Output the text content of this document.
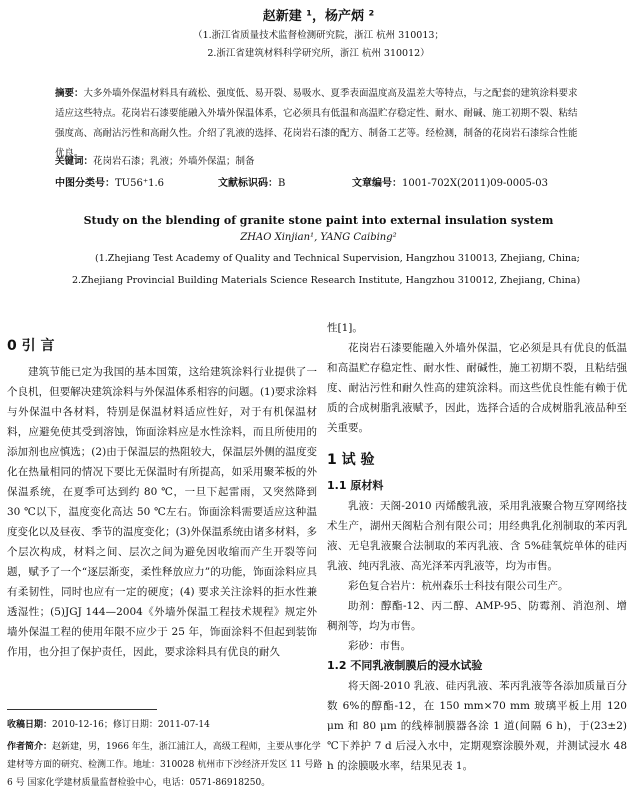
赵新建 ¹，杨产炳 ²
（1.浙江省质量技术监督检测研究院，浙江 杭州 310013；
2.浙江省建筑材料科学研究所，浙江 杭州 310012）
摘要：大多外墙外保温材料具有疏松、强度低、易开裂、易吸水、夏季表面温度高及温差大等特点，与之配套的建筑涂料要求适应这些特点。花岗岩石漆要能融入外墙外保温体系，它必须具有低温和高温贮存稳定性、耐水、耐碱、施工初期不裂、粘结强度高、高耐沾污性和高耐久性。介绍了乳液的选择、花岗岩石漆的配方、制备工艺等。经检测，制备的花岗岩石漆综合性能优良。
关键词：花岗岩石漆；乳液；外墙外保温；制备
中图分类号：TU56⁺1.6	文献标识码：B	文章编号：1001-702X(2011)09-0005-03
Study on the blending of granite stone paint into external insulation system
ZHAO Xinjian¹, YANG Caibing²
(1.Zhejiang Test Academy of Quality and Technical Supervision, Hangzhou 310013, Zhejiang, China;
2.Zhejiang Provincial Building Materials Science Research Institute, Hangzhou 310012, Zhejiang, China)

0 引 言

建筑节能已定为我国的基本国策，这给建筑涂料行业提供了一个良机，但要解决建筑涂料与外保温体系相容的问题。(1)要求涂料与外保温中各材料，特别是保温材料适应性好，对于有机保温材料，应避免使其受到溶蚀，饰面涂料应是水性涂料，而且所使用的添加剂也应慎选；(2)由于保温层的热阻较大，保温层外侧的温度变化在热量相同的情况下要比无保温时有所提高，如采用聚苯板的外保温系统，在夏季可达到约 80 ℃，一旦下起雷雨，又突然降到 30 ℃以下，温度变化高达 50 ℃左右。饰面涂料需要适应这种温度变化以及昼夜、季节的温度变化；(3)外保温系统由诸多材料，多个层次构成，材料之间、层次之间为避免因收缩而产生开裂等问题，赋予了一个“逐层渐变，柔性释放应力”的功能，饰面涂料应具有柔韧性，同时也应有一定的硬度；(4) 要求关注涂料的拒水性兼透湿性；(5)JGJ 144—2004《外墙外保温工程技术规程》规定外墙外保温工程的使用年限不应少于 25 年，饰面涂料不但起到装饰作用，也分担了保护责任，因此，要求涂料具有优良的耐久

收稿日期：2010-12-16；修订日期：2011-07-14
作者简介：赵新建，男，1966 年生，浙江浦江人，高级工程师，主要从事化学建材等方面的研究、检测工作。地址：310028 杭州市下沙经济开发区 11 号路 6 号 国家化学建材质量监督检验中心，电话：0571-86918250。

性[1]。

花岗岩石漆要能融入外墙外保温，它必须是具有优良的低温和高温贮存稳定性、耐水性、耐碱性，施工初期不裂，且粘结强度、耐沾污性和耐久性高的建筑涂料。而这些优良性能有赖于优质的合成树脂乳液赋予，因此，选择合适的合成树脂乳液品种至关重要。

1 试 验

1.1 原材料

乳液：天阁-2010 丙烯酸乳液，采用乳液聚合物互穿网络技术生产，湖州天阁粘合剂有限公司；用经典乳化剂制取的苯丙乳液、无皂乳液聚合法制取的苯丙乳液、含 5%硅氧烷单体的硅丙乳液、纯丙乳液、高光泽苯丙乳液等，均为市售。

彩色复合岩片：杭州森乐士科技有限公司生产。

助剂：醇酯-12、丙二醇、AMP-95、防霉剂、消泡剂、增稠剂等，均为市售。

彩砂：市售。

1.2 不同乳液制膜后的浸水试验

将天阁-2010 乳液、硅丙乳液、苯丙乳液等各添加质量百分数 6%的醇酯-12，在 150 mm×70 mm 玻璃平板上用 120 μm 和 80 μm 的线棒制膜器各涂 1 道(间隔 6 h)，于(23±2) ℃下养护 7 d 后浸入水中，定期观察涂膜外观，并测试浸水 48 h 的涂膜吸水率，结果见表 1。
